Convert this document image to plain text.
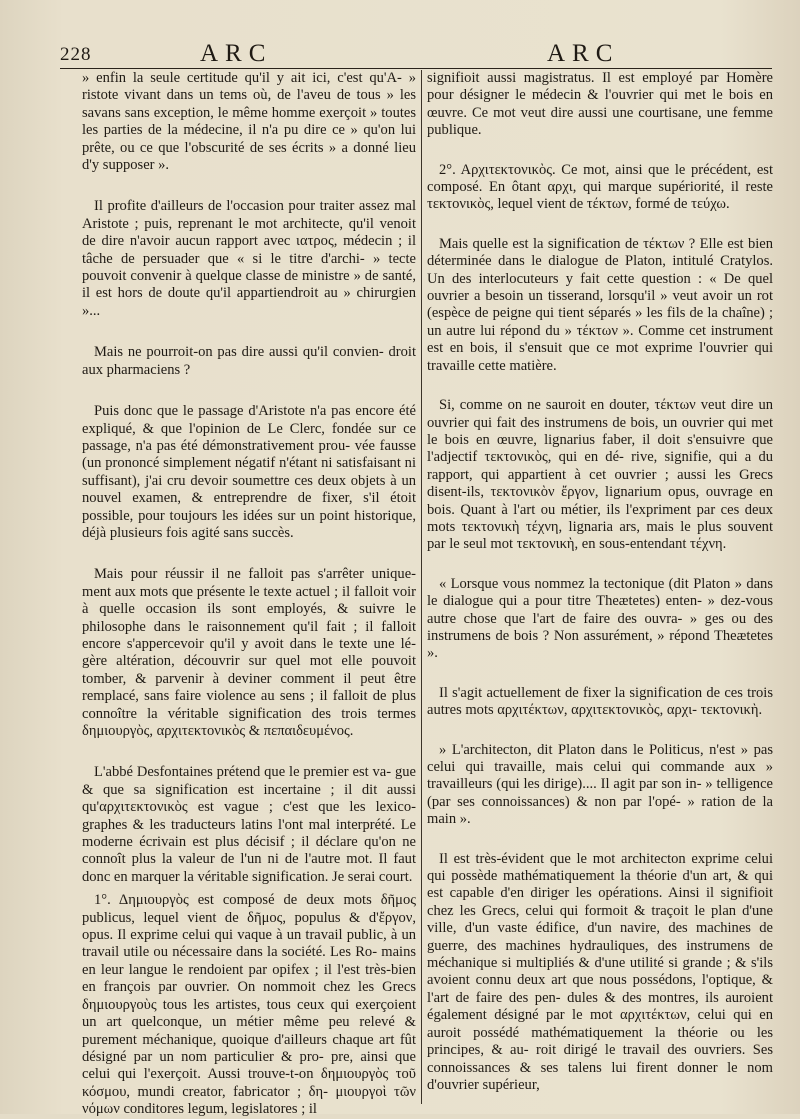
228	ARC	ARC

» enfin la seule certitude qu'il y ait ici, c'est qu'A- » ristote vivant dans un tems où, de l'aveu de tous » les savans sans exception, le même homme exerçoit » toutes les parties de la médecine, il n'a pu dire ce » qu'on lui prête, ou ce que l'obscurité de ses écrits » a donné lieu d'y supposer ».

Il profite d'ailleurs de l'occasion pour traiter assez mal Aristote ; puis, reprenant le mot architecte, qu'il venoit de dire n'avoir aucun rapport avec ιατρος, médecin ; il tâche de persuader que « si le titre d'archi- » tecte pouvoit convenir à quelque classe de ministre » de santé, il est hors de doute qu'il appartiendroit au » chirurgien »...

Mais ne pourroit-on pas dire aussi qu'il convien- droit aux pharmaciens ?

Puis donc que le passage d'Aristote n'a pas encore été expliqué, & que l'opinion de Le Clerc, fondée sur ce passage, n'a pas été démonstrativement prou- vée fausse (un prononcé simplement négatif n'étant ni satisfaisant ni suffisant), j'ai cru devoir soumettre ces deux objets à un nouvel examen, & entreprendre de fixer, s'il étoit possible, pour toujours les idées sur un point historique, déjà plusieurs fois agité sans succès.

Mais pour réussir il ne falloit pas s'arrêter unique- ment aux mots que présente le texte actuel ; il falloit voir à quelle occasion ils sont employés, & suivre le philosophe dans le raisonnement qu'il fait ; il falloit encore s'appercevoir qu'il y avoit dans le texte une lé- gère altération, découvrir sur quel mot elle pouvoit tomber, & parvenir à deviner comment il peut être remplacé, sans faire violence au sens ; il falloit de plus connoître la véritable signification des trois termes δημιουργὸς, αρχιτεκτονικὸς & πεπαιδευμένος.

L'abbé Desfontaines prétend que le premier est va- gue & que sa signification est incertaine ; il dit aussi qu'αρχιτεκτονικὸς est vague ; c'est que les lexico- graphes & les traducteurs latins l'ont mal interprété. Le moderne écrivain est plus décisif ; il déclare qu'on ne connoît plus la valeur de l'un ni de l'autre mot. Il faut donc en marquer la véritable signification. Je serai court.

1°. Δημιουργὸς est composé de deux mots δῆμος publicus, lequel vient de δῆμος, populus & d'ἔργον, opus. Il exprime celui qui vaque à un travail public, à un travail utile ou nécessaire dans la société. Les Ro- mains en leur langue le rendoient par opifex ; il l'est très-bien en françois par ouvrier. On nommoit chez les Grecs δημιουργοὺς tous les artistes, tous ceux qui exerçoient un art quelconque, un métier même peu relevé & purement méchanique, quoique d'ailleurs chaque art fût désigné par un nom particulier & pro- pre, ainsi que celui qui l'exerçoit. Aussi trouve-t-on δημιουργὸς τοῦ κόσμου, mundi creator, fabricator ; δη- μιουργοὶ τῶν νόμων conditores legum, legislatores ; il

signifioit aussi magistratus. Il est employé par Homère pour désigner le médecin & l'ouvrier qui met le bois en œuvre. Ce mot veut dire aussi une courtisane, une femme publique.

2°. Αρχιτεκτονικὸς. Ce mot, ainsi que le précédent, est composé. En ôtant αρχι, qui marque supériorité, il reste τεκτονικὸς, lequel vient de τέκτων, formé de τεύχω.

Mais quelle est la signification de τέκτων ? Elle est bien déterminée dans le dialogue de Platon, intitulé Cratylos. Un des interlocuteurs y fait cette question : « De quel ouvrier a besoin un tisserand, lorsqu'il » veut avoir un rot (espèce de peigne qui tient séparés » les fils de la chaîne) ; un autre lui répond du » τέκτων ». Comme cet instrument est en bois, il s'ensuit que ce mot exprime l'ouvrier qui travaille cette matière.

Si, comme on ne sauroit en douter, τέκτων veut dire un ouvrier qui fait des instrumens de bois, un ouvrier qui met le bois en œuvre, lignarius faber, il doit s'ensuivre que l'adjectif τεκτονικὸς, qui en dé- rive, signifie, qui a du rapport, qui appartient à cet ouvrier ; aussi les Grecs disent-ils, τεκτονικὸν ἔργον, lignarium opus, ouvrage en bois. Quant à l'art ou métier, ils l'expriment par ces deux mots τεκτονικὴ τέχνη, lignaria ars, mais le plus souvent par le seul mot τεκτονικὴ, en sous-entendant τέχνη.

« Lorsque vous nommez la tectonique (dit Platon » dans le dialogue qui a pour titre Theætetes) enten- » dez-vous autre chose que l'art de faire des ouvra- » ges ou des instrumens de bois ? Non assurément, » répond Theætetes ».

Il s'agit actuellement de fixer la signification de ces trois autres mots αρχιτέκτων, αρχιτεκτονικὸς, αρχι- τεκτονικὴ.

» L'architecton, dit Platon dans le Politicus, n'est » pas celui qui travaille, mais celui qui commande aux » travailleurs (qui les dirige).... Il agit par son in- » telligence (par ses connoissances) & non par l'opé- » ration de la main ».

Il est très-évident que le mot architecton exprime celui qui possède mathématiquement la théorie d'un art, & qui est capable d'en diriger les opérations. Ainsi il signifioit chez les Grecs, celui qui formoit & traçoit le plan d'une ville, d'un vaste édifice, d'un navire, des machines de guerre, des machines hydrauliques, des instrumens de méchanique si multipliés & d'une utilité si grande ; & s'ils avoient connu deux art que nous possédons, l'optique, & l'art de faire des pen- dules & des montres, ils auroient également désigné par le mot αρχιτέκτων, celui qui en auroit possédé mathématiquement la théorie ou les principes, & au- roit dirigé le travail des ouvriers. Ses connoissances & ses talens lui firent donner le nom d'ouvrier supérieur,
